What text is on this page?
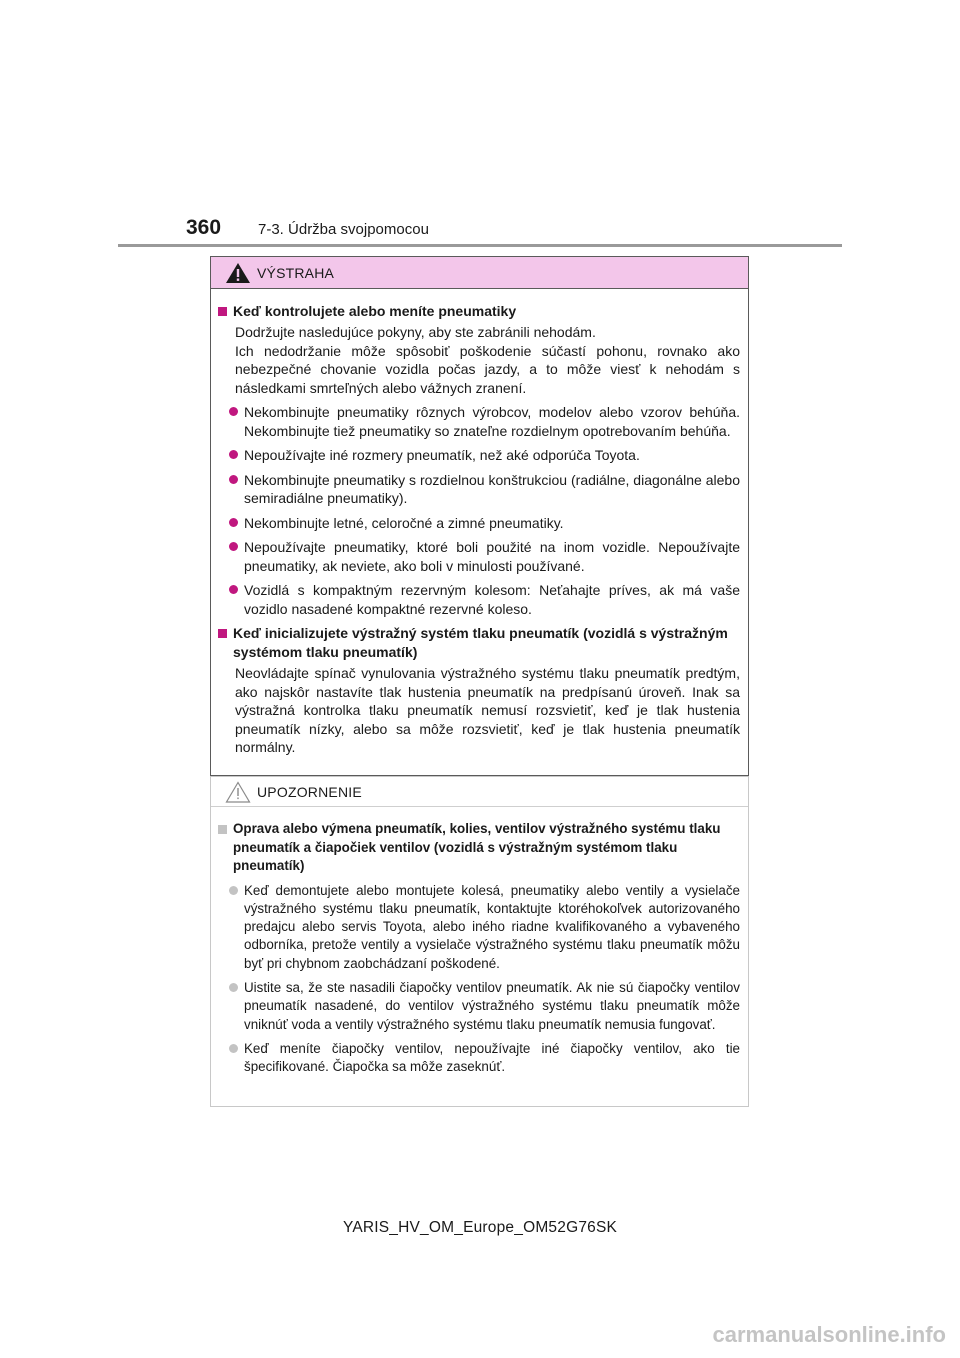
360 7-3. Údržba svojpomocou
VÝSTRAHA
Keď kontrolujete alebo meníte pneumatiky
Dodržujte nasledujúce pokyny, aby ste zabránili nehodám.
Ich nedodržanie môže spôsobiť poškodenie súčastí pohonu, rovnako ako nebezpečné chovanie vozidla počas jazdy, a to môže viesť k nehodám s následkami smrteľných alebo vážnych zranení.
Nekombinujte pneumatiky rôznych výrobcov, modelov alebo vzorov behúňa. Nekombinujte tiež pneumatiky so znateľne rozdielnym opotrebovaním behúňa.
Nepoužívajte iné rozmery pneumatík, než aké odporúča Toyota.
Nekombinujte pneumatiky s rozdielnou konštrukciou (radiálne, diagonálne alebo semiradiálne pneumatiky).
Nekombinujte letné, celoročné a zimné pneumatiky.
Nepoužívajte pneumatiky, ktoré boli použité na inom vozidle. Nepoužívajte pneumatiky, ak neviete, ako boli v minulosti používané.
Vozidlá s kompaktným rezervným kolesom: Neťahajte príves, ak má vaše vozidlo nasadené kompaktné rezervné koleso.
Keď inicializujete výstražný systém tlaku pneumatík (vozidlá s výstražným systémom tlaku pneumatík)
Neovládajte spínač vynulovania výstražného systému tlaku pneumatík predtým, ako najskôr nastavíte tlak hustenia pneumatík na predpísanú úroveň. Inak sa výstražná kontrolka tlaku pneumatík nemusí rozsvietiť, keď je tlak hustenia pneumatík nízky, alebo sa môže rozsvietiť, keď je tlak hustenia pneumatík normálny.
UPOZORNENIE
Oprava alebo výmena pneumatík, kolies, ventilov výstražného systému tlaku pneumatík a čiapočiek ventilov (vozidlá s výstražným systémom tlaku pneumatík)
Keď demontujete alebo montujete kolesá, pneumatiky alebo ventily a vysielače výstražného systému tlaku pneumatík, kontaktujte ktoréhokoľvek autorizovaného predajcu alebo servis Toyota, alebo iného riadne kvalifikovaného a vybaveného odborníka, pretože ventily a vysielače výstražného systému tlaku pneumatík môžu byť pri chybnom zaobchádzaní poškodené.
Uistite sa, že ste nasadili čiapočky ventilov pneumatík. Ak nie sú čiapočky ventilov pneumatík nasadené, do ventilov výstražného systému tlaku pneumatík môže vniknúť voda a ventily výstražného systému tlaku pneumatík nemusia fungovať.
Keď meníte čiapočky ventilov, nepoužívajte iné čiapočky ventilov, ako tie špecifikované. Čiapočka sa môže zaseknúť.
YARIS_HV_OM_Europe_OM52G76SK
carmanualsonline.info
